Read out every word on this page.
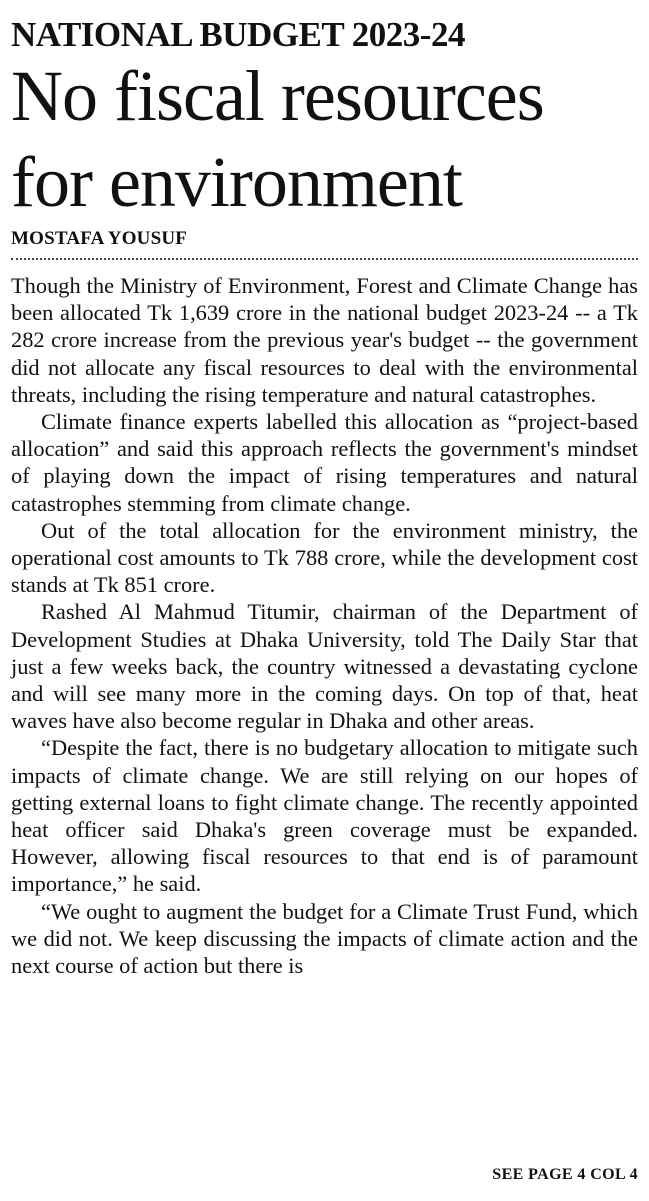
NATIONAL BUDGET 2023-24
No fiscal resources
for environment
MOSTAFA YOUSUF

Though the Ministry of Environment, Forest and Climate Change has been allocated Tk 1,639 crore in the national budget 2023-24 -- a Tk 282 crore increase from the previous year's budget -- the government did not allocate any fiscal resources to deal with the environmental threats, including the rising temperature and natural catastrophes.

Climate finance experts labelled this allocation as “project-based allocation” and said this approach reflects the government's mindset of playing down the impact of rising temperatures and natural catastrophes stemming from climate change.

Out of the total allocation for the environment ministry, the operational cost amounts to Tk 788 crore, while the development cost stands at Tk 851 crore.

Rashed Al Mahmud Titumir, chairman of the Department of Development Studies at Dhaka University, told The Daily Star that just a few weeks back, the country witnessed a devastating cyclone and will see many more in the coming days. On top of that, heat waves have also become regular in Dhaka and other areas.

“Despite the fact, there is no budgetary allocation to mitigate such impacts of climate change. We are still relying on our hopes of getting external loans to fight climate change. The recently appointed heat officer said Dhaka's green coverage must be expanded. However, allowing fiscal resources to that end is of paramount importance,” he said.

“We ought to augment the budget for a Climate Trust Fund, which we did not. We keep discussing the impacts of climate action and the next course of action but there is

SEE PAGE 4 COL 4
